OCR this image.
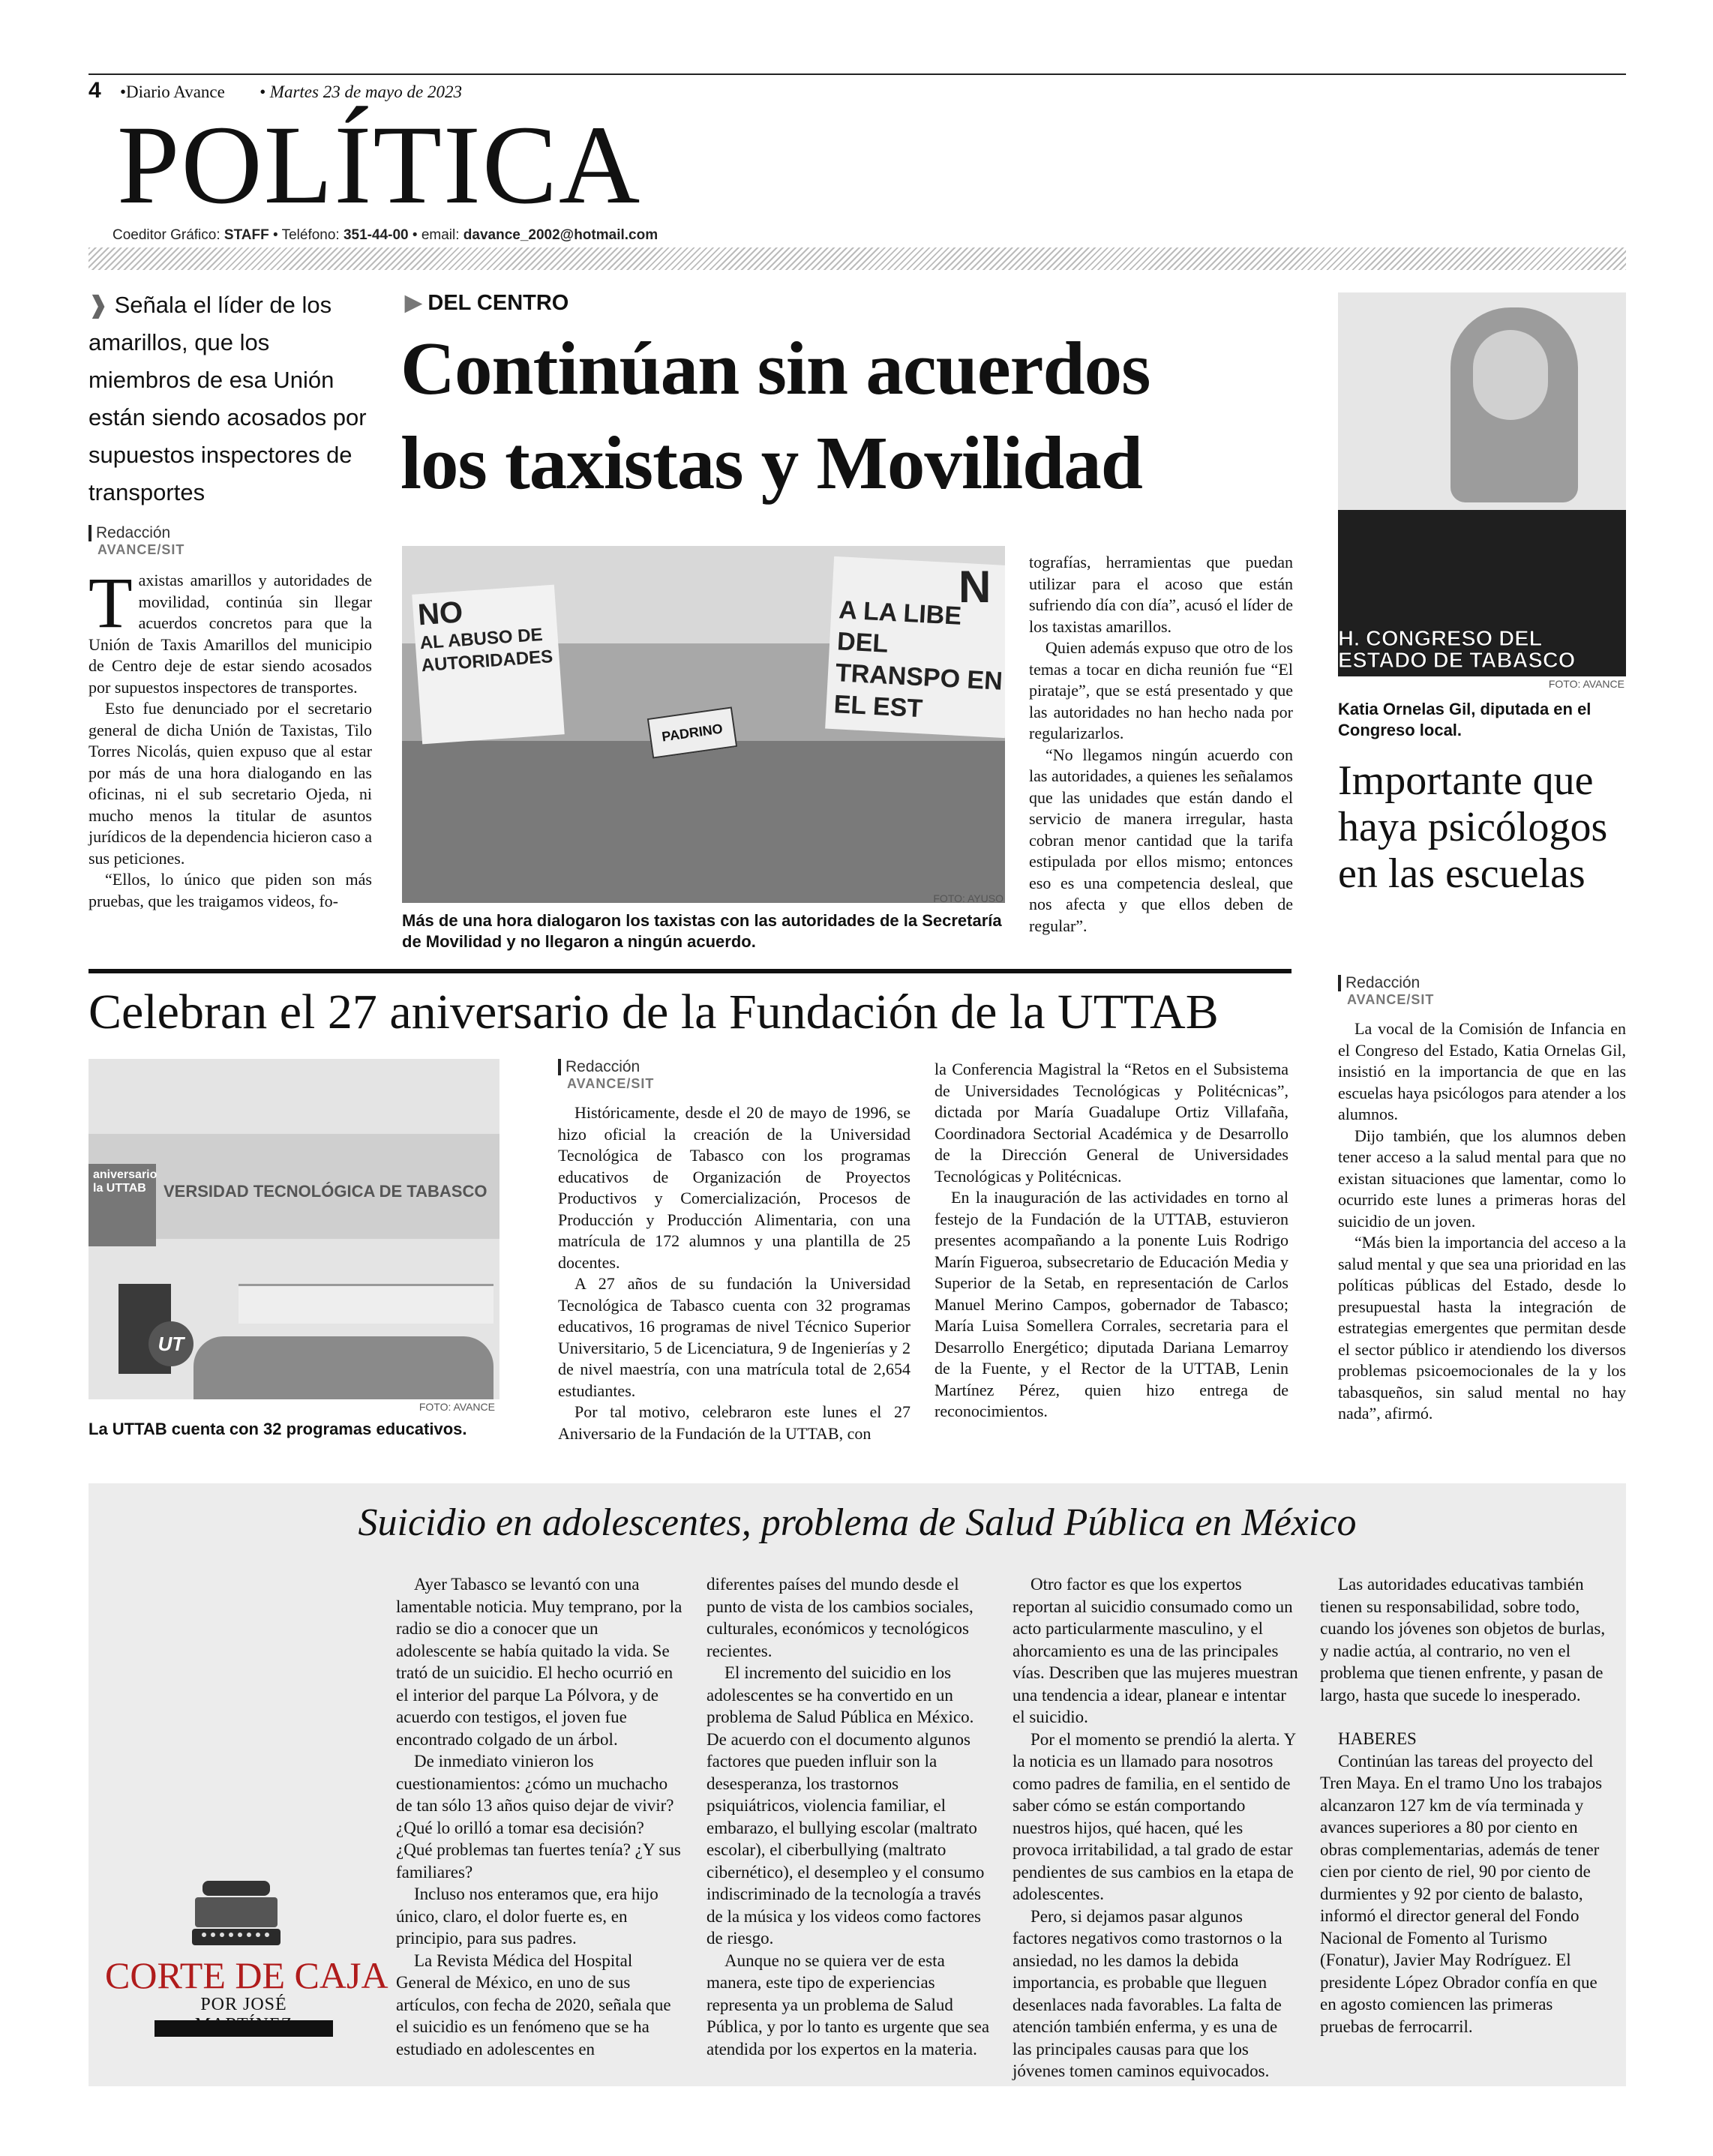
4 •Diario Avance • Martes 23 de mayo de 2023
POLÍTICA
Coeditor Gráfico: STAFF • Teléfono: 351-44-00 • email: davance_2002@hotmail.com
❱ Señala el líder de los amarillos, que los miembros de esa Unión están siendo acosados por supuestos inspectores de transportes
Redacción
AVANCE/SIT
T axistas amarillos y autoridades de movilidad, continúa sin llegar acuerdos concretos para que la Unión de Taxis Amarillos del municipio de Centro deje de estar siendo acosados por supuestos inspectores de transportes.

Esto fue denunciado por el secretario general de dicha Unión de Taxistas, Tilo Torres Nicolás, quien expuso que al estar por más de una hora dialogando en las oficinas, ni el sub secretario Ojeda, ni mucho menos la titular de asuntos jurídicos de la dependencia hicieron caso a sus peticiones.

“Ellos, lo único que piden son más pruebas, que les traigamos videos, fo-

▶ DEL CENTRO
Continúan sin acuerdos
los taxistas y Movilidad
NO
AL ABUSO DE AUTORIDADES
A LA LIBE DEL TRANSPO EN EL EST
N
PADRINO
FOTO: AYUSO
Más de una hora dialogaron los taxistas con las autoridades de la Secretaría de Movilidad y no llegaron a ningún acuerdo.

tografías, herramientas que puedan utilizar para el acoso que están sufriendo día con día”, acusó el líder de los taxistas amarillos.

Quien además expuso que otro de los temas a tocar en dicha reunión fue “El pirataje”, que se está presentado y que las autoridades no han hecho nada por regularizarlos.

“No llegamos ningún acuerdo con las autoridades, a quienes les señalamos que las unidades que están dando el servicio de manera irregular, hasta cobran menor cantidad que la tarifa estipulada por ellos mismo; entonces eso es una competencia desleal, que nos afecta y que ellos deben de regular”.

H. CONGRESO DEL
ESTADO DE TABASCO
FOTO: AVANCE
Katia Ornelas Gil, diputada en el Congreso local.
Importante que haya psicólogos en las escuelas
Redacción
AVANCE/SIT

La vocal de la Comisión de Infancia en el Congreso del Estado, Katia Ornelas Gil, insistió en la importancia de que en las escuelas haya psicólogos para atender a los alumnos.

Dijo también, que los alumnos deben tener acceso a la salud mental para que no existan situaciones que lamentar, como lo ocurrido este lunes a primeras horas del suicidio de un joven.

“Más bien la importancia del acceso a la salud mental y que sea una prioridad en las políticas públicas del Estado, desde lo presupuestal hasta la integración de estrategias emergentes que permitan desde el sector público ir atendiendo los diversos problemas psicoemocionales de la y los tabasqueños, sin salud mental no hay nada”, afirmó.

Celebran el 27 aniversario de la Fundación de la UTTAB
VERSIDAD TECNOLÓGICA DE TABASCO
aniversario la UTTAB
UT
FOTO: AVANCE
La UTTAB cuenta con 32 programas educativos.
Redacción
AVANCE/SIT

Históricamente, desde el 20 de mayo de 1996, se hizo oficial la creación de la Universidad Tecnológica de Tabasco con los programas educativos de Organización de Proyectos Productivos y Comercialización, Procesos de Producción y Producción Alimentaria, con una matrícula de 172 alumnos y una plantilla de 25 docentes.

A 27 años de su fundación la Universidad Tecnológica de Tabasco cuenta con 32 programas educativos, 16 programas de nivel Técnico Superior Universitario, 5 de Licenciatura, 9 de Ingenierías y 2 de nivel maestría, con una matrícula total de 2,654 estudiantes.

Por tal motivo, celebraron este lunes el 27 Aniversario de la Fundación de la UTTAB, con

la Conferencia Magistral la “Retos en el Subsistema de Universidades Tecnológicas y Politécnicas”, dictada por María Guadalupe Ortiz Villafaña, Coordinadora Sectorial Académica y de Desarrollo de la Dirección General de Universidades Tecnológicas y Politécnicas.

En la inauguración de las actividades en torno al festejo de la Fundación de la UTTAB, estuvieron presentes acompañando a la ponente Luis Rodrigo Marín Figueroa, subsecretario de Educación Media y Superior de la Setab, en representación de Carlos Manuel Merino Campos, gobernador de Tabasco; María Luisa Somellera Corrales, secretaria para el Desarrollo Energético; diputada Dariana Lemarroy de la Fuente, y el Rector de la UTTAB, Lenin Martínez Pérez, quien hizo entrega de reconocimientos.

Suicidio en adolescentes, problema de Salud Pública en México
CORTE DE CAJA
POR JOSÉ

Ayer Tabasco se levantó con una lamentable noticia. Muy temprano, por la radio se dio a conocer que un adolescente se había quitado la vida. Se trató de un suicidio. El hecho ocurrió en el interior del parque La Pólvora, y de acuerdo con testigos, el joven fue encontrado colgado de un árbol.

De inmediato vinieron los cuestionamientos: ¿cómo un muchacho de tan sólo 13 años quiso dejar de vivir? ¿Qué lo orilló a tomar esa decisión? ¿Qué problemas tan fuertes tenía? ¿Y sus familiares?

Incluso nos enteramos que, era hijo único, claro, el dolor fuerte es, en principio, para sus padres.

La Revista Médica del Hospital General de México, en uno de sus artículos, con fecha de 2020, señala que el suicidio es un fenómeno que se ha estudiado en adolescentes en

diferentes países del mundo desde el punto de vista de los cambios sociales, culturales, económicos y tecnológicos recientes.

El incremento del suicidio en los adolescentes se ha convertido en un problema de Salud Pública en México. De acuerdo con el documento algunos factores que pueden influir son la desesperanza, los trastornos psiquiátricos, violencia familiar, el embarazo, el bullying escolar (maltrato escolar), el ciberbullying (maltrato cibernético), el desempleo y el consumo indiscriminado de la tecnología a través de la música y los videos como factores de riesgo.

Aunque no se quiera ver de esta manera, este tipo de experiencias representa ya un problema de Salud Pública, y por lo tanto es urgente que sea atendida por los expertos en la materia.

Otro factor es que los expertos reportan al suicidio consumado como un acto particularmente masculino, y el ahorcamiento es una de las principales vías. Describen que las mujeres muestran una tendencia a idear, planear e intentar el suicidio.

Por el momento se prendió la alerta. Y la noticia es un llamado para nosotros como padres de familia, en el sentido de saber cómo se están comportando nuestros hijos, qué hacen, qué les provoca irritabilidad, a tal grado de estar pendientes de sus cambios en la etapa de adolescentes.

Pero, si dejamos pasar algunos factores negativos como trastornos o la ansiedad, no les damos la debida importancia, es probable que lleguen desenlaces nada favorables. La falta de atención también enferma, y es una de las principales causas para que los jóvenes tomen caminos equivocados.

Las autoridades educativas también tienen su responsabilidad, sobre todo, cuando los jóvenes son objetos de burlas, y nadie actúa, al contrario, no ven el problema que tienen enfrente, y pasan de largo, hasta que sucede lo inesperado.

HABERES

Continúan las tareas del proyecto del Tren Maya. En el tramo Uno los trabajos alcanzaron 127 km de vía terminada y avances superiores a 80 por ciento en obras complementarias, además de tener cien por ciento de riel, 90 por ciento de durmientes y 92 por ciento de balasto, informó el director general del Fondo Nacional de Fomento al Turismo (Fonatur), Javier May Rodríguez. El presidente López Obrador confía en que en agosto comiencen las primeras pruebas de ferrocarril.
